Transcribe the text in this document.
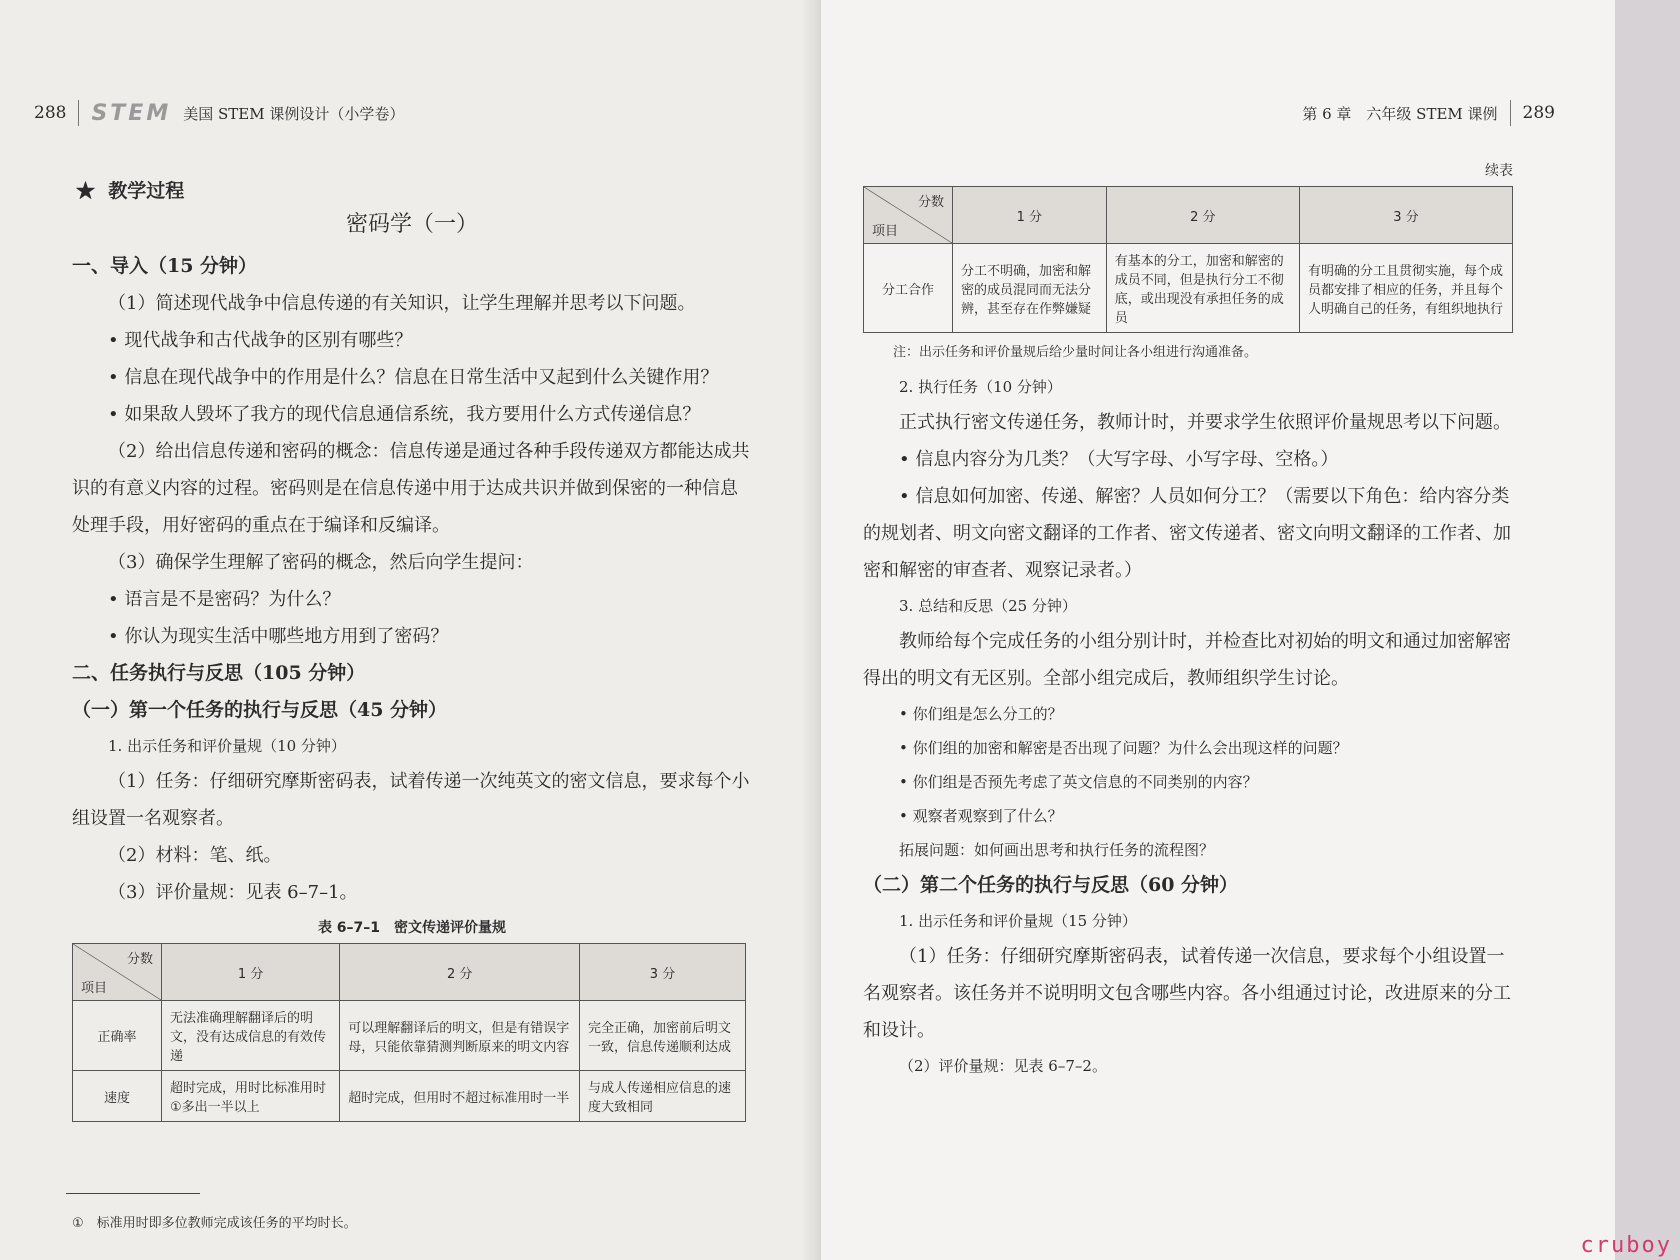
288 STEM 美国 STEM 课例设计（小学卷）
★ 教学过程
密码学（一）

一、导入（15 分钟）

（1）简述现代战争中信息传递的有关知识，让学生理解并思考以下问题。

• 现代战争和古代战争的区别有哪些？

• 信息在现代战争中的作用是什么？信息在日常生活中又起到什么关键作用？

• 如果敌人毁坏了我方的现代信息通信系统，我方要用什么方式传递信息？

（2）给出信息传递和密码的概念：信息传递是通过各种手段传递双方都能达成共识的有意义内容的过程。密码则是在信息传递中用于达成共识并做到保密的一种信息处理手段，用好密码的重点在于编译和反编译。

（3）确保学生理解了密码的概念，然后向学生提问：

• 语言是不是密码？为什么？

• 你认为现实生活中哪些地方用到了密码？

二、任务执行与反思（105 分钟）

（一）第一个任务的执行与反思（45 分钟）

1. 出示任务和评价量规（10 分钟）

（1）任务：仔细研究摩斯密码表，试着传递一次纯英文的密文信息，要求每个小组设置一名观察者。

（2）材料：笔、纸。

（3）评价量规：见表 6–7–1。

表 6–7–1　密文传递评价量规
分数
项目	1 分	2 分	3 分
正确率	无法准确理解翻译后的明文，没有达成信息的有效传递	可以理解翻译后的明文，但是有错误字母，只能依靠猜测判断原来的明文内容	完全正确，加密前后明文一致，信息传递顺利达成
速度	超时完成，用时比标准用时①多出一半以上	超时完成，但用时不超过标准用时一半	与成人传递相应信息的速度大致相同
①　标准用时即多位教师完成该任务的平均时长。
第 6 章　六年级 STEM 课例 289
续表
分数
项目	1 分	2 分	3 分
分工合作	分工不明确，加密和解密的成员混同而无法分辨，甚至存在作弊嫌疑	有基本的分工，加密和解密的成员不同，但是执行分工不彻底，或出现没有承担任务的成员	有明确的分工且贯彻实施，每个成员都安排了相应的任务，并且每个人明确自己的任务，有组织地执行
注：出示任务和评价量规后给少量时间让各小组进行沟通准备。

2. 执行任务（10 分钟）

正式执行密文传递任务，教师计时，并要求学生依照评价量规思考以下问题。

• 信息内容分为几类？（大写字母、小写字母、空格。）

• 信息如何加密、传递、解密？人员如何分工？（需要以下角色：给内容分类的规划者、明文向密文翻译的工作者、密文传递者、密文向明文翻译的工作者、加密和解密的审查者、观察记录者。）

3. 总结和反思（25 分钟）

教师给每个完成任务的小组分别计时，并检查比对初始的明文和通过加密解密得出的明文有无区别。全部小组完成后，教师组织学生讨论。

• 你们组是怎么分工的？

• 你们组的加密和解密是否出现了问题？为什么会出现这样的问题？

• 你们组是否预先考虑了英文信息的不同类别的内容？

• 观察者观察到了什么？

拓展问题：如何画出思考和执行任务的流程图？

（二）第二个任务的执行与反思（60 分钟）

1. 出示任务和评价量规（15 分钟）

（1）任务：仔细研究摩斯密码表，试着传递一次信息，要求每个小组设置一名观察者。该任务并不说明明文包含哪些内容。各小组通过讨论，改进原来的分工和设计。

（2）评价量规：见表 6–7–2。

cruboy
